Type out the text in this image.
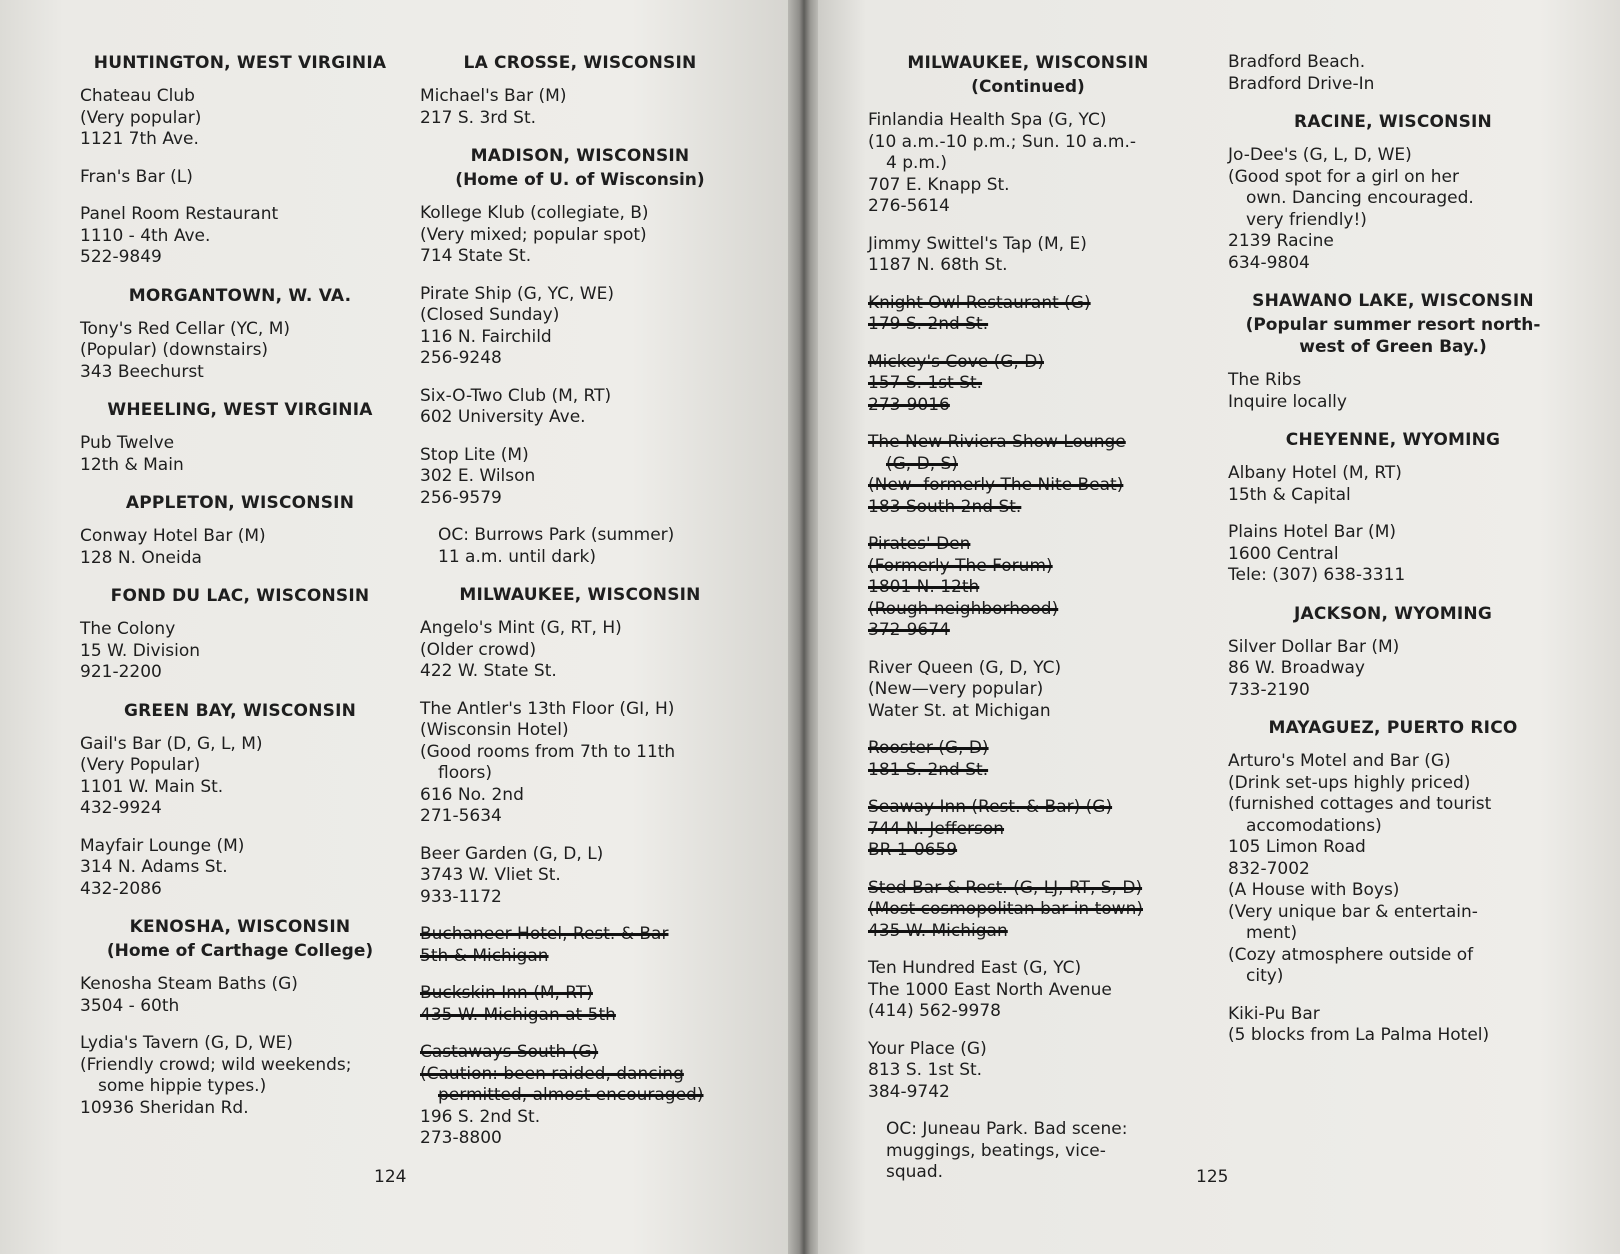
HUNTINGTON, WEST VIRGINIA
Chateau Club
(Very popular)
1121 7th Ave.
Fran's Bar (L)
Panel Room Restaurant
1110 - 4th Ave.
522-9849
MORGANTOWN, W. VA.
Tony's Red Cellar (YC, M)
(Popular) (downstairs)
343 Beechurst
WHEELING, WEST VIRGINIA
Pub Twelve
12th & Main
APPLETON, WISCONSIN
Conway Hotel Bar (M)
128 N. Oneida
FOND DU LAC, WISCONSIN
The Colony
15 W. Division
921-2200
GREEN BAY, WISCONSIN
Gail's Bar (D, G, L, M)
(Very Popular)
1101 W. Main St.
432-9924
Mayfair Lounge (M)
314 N. Adams St.
432-2086
KENOSHA, WISCONSIN
(Home of Carthage College)
Kenosha Steam Baths (G)
3504 - 60th
Lydia's Tavern (G, D, WE)
(Friendly crowd; wild weekends;
some hippie types.)
10936 Sheridan Rd.
LA CROSSE, WISCONSIN
Michael's Bar (M)
217 S. 3rd St.
MADISON, WISCONSIN
(Home of U. of Wisconsin)
Kollege Klub (collegiate, B)
(Very mixed; popular spot)
714 State St.
Pirate Ship (G, YC, WE)
(Closed Sunday)
116 N. Fairchild
256-9248
Six-O-Two Club (M, RT)
602 University Ave.
Stop Lite (M)
302 E. Wilson
256-9579
OC: Burrows Park (summer)
11 a.m. until dark)
MILWAUKEE, WISCONSIN
Angelo's Mint (G, RT, H)
(Older crowd)
422 W. State St.
The Antler's 13th Floor (GI, H)
(Wisconsin Hotel)
(Good rooms from 7th to 11th
floors)
616 No. 2nd
271-5634
Beer Garden (G, D, L)
3743 W. Vliet St.
933-1172
Buchaneer Hotel, Rest. & Bar
5th & Michigan
Buckskin Inn (M, RT)
435 W. Michigan at 5th
Castaways South (G)
(Caution: been raided, dancing
permitted, almost encouraged)
196 S. 2nd St.
273-8800
124
MILWAUKEE, WISCONSIN
(Continued)
Finlandia Health Spa (G, YC)
(10 a.m.-10 p.m.; Sun. 10 a.m.-
4 p.m.)
707 E. Knapp St.
276-5614
Jimmy Swittel's Tap (M, E)
1187 N. 68th St.
Knight Owl Restaurant (G)
179 S. 2nd St.
Mickey's Cove (G, D)
157 S. 1st St.
273-9016
The New Riviera Show Lounge
(G, D, S)
(New- formerly The Nite Beat)
183 South 2nd St.
Pirates' Den
(Formerly The Forum)
1801 N. 12th
(Rough neighborhood)
372-9674
River Queen (G, D, YC)
(New—very popular)
Water St. at Michigan
Rooster (G, D)
181 S. 2nd St.
Seaway Inn (Rest. & Bar) (G)
744 N. Jefferson
BR 1-0659
Sted Bar & Rest. (G, LJ, RT, S, D)
(Most cosmopolitan bar in town)
435 W. Michigan
Ten Hundred East (G, YC)
The 1000 East North Avenue
(414) 562-9978
Your Place (G)
813 S. 1st St.
384-9742
OC: Juneau Park. Bad scene:
muggings, beatings, vice-
squad.
Bradford Beach.
Bradford Drive-In
RACINE, WISCONSIN
Jo-Dee's (G, L, D, WE)
(Good spot for a girl on her
own. Dancing encouraged.
very friendly!)
2139 Racine
634-9804
SHAWANO LAKE, WISCONSIN
(Popular summer resort north-
west of Green Bay.)
The Ribs
Inquire locally
CHEYENNE, WYOMING
Albany Hotel (M, RT)
15th & Capital
Plains Hotel Bar (M)
1600 Central
Tele: (307) 638-3311
JACKSON, WYOMING
Silver Dollar Bar (M)
86 W. Broadway
733-2190
MAYAGUEZ, PUERTO RICO
Arturo's Motel and Bar (G)
(Drink set-ups highly priced)
(furnished cottages and tourist
accomodations)
105 Limon Road
832-7002
(A House with Boys)
(Very unique bar & entertain-
ment)
(Cozy atmosphere outside of
city)
Kiki-Pu Bar
(5 blocks from La Palma Hotel)
125
